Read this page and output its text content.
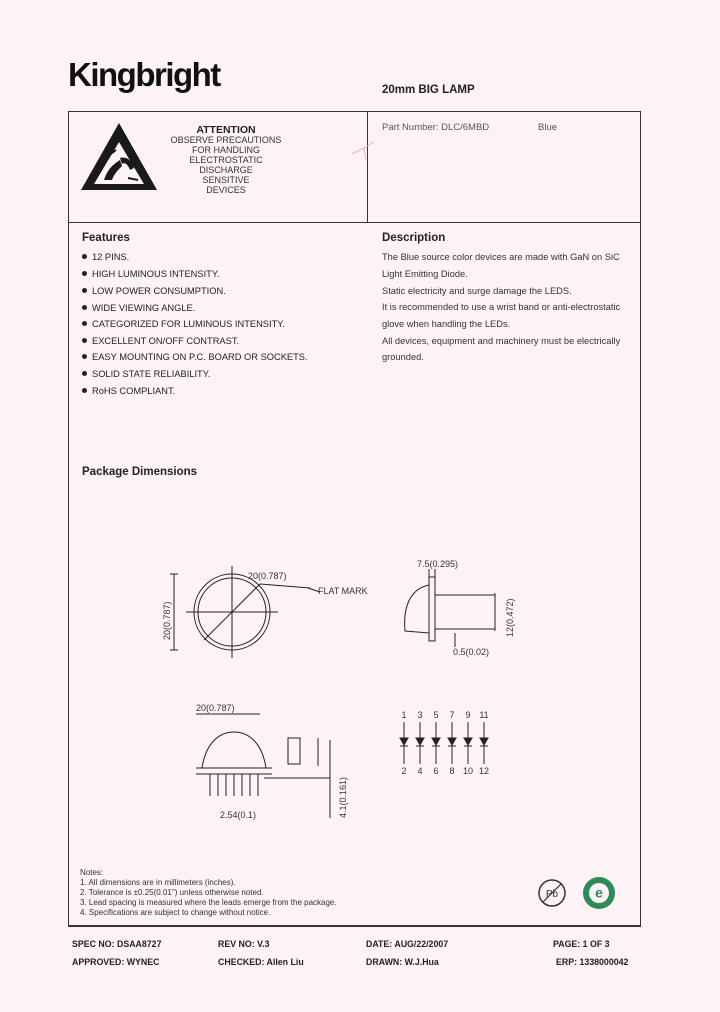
Kingbright	20mm BIG LAMP
ATTENTION
OBSERVE PRECAUTIONS
FOR HANDLING
ELECTROSTATIC
DISCHARGE
SENSITIVE
DEVICES
Part Number: DLC/6MBD	Blue
Features
12 PINS.
HIGH LUMINOUS INTENSITY.
LOW POWER CONSUMPTION.
WIDE VIEWING ANGLE.
CATEGORIZED FOR LUMINOUS INTENSITY.
EXCELLENT ON/OFF CONTRAST.
EASY MOUNTING ON P.C. BOARD OR SOCKETS.
SOLID STATE RELIABILITY.
RoHS COMPLIANT.
Description
The Blue source color devices are made with GaN on SiC
Light Emitting Diode.
Static electricity and surge damage the LEDS.
It is recommended to use a wrist band or anti-electrostatic
glove when handling the LEDs.
All devices, equipment and machinery must be electrically
grounded.
Package Dimensions
20(0.787)
FLAT MARK
20(0.787)
7.5(0.295)
0.5(0.02)
12(0.472)
20(0.787)
2.54(0.1)	4.1(0.161)
1 3 5 7 9 11
2 4 6 8 10 12
Notes:
1. All dimensions are in millimeters (inches).
2. Tolerance is ±0.25(0.01") unless otherwise noted.
3. Lead spacing is measured where the leads emerge from the package.
4. Specifications are subject to change without notice.
Pb	e
SPEC NO: DSAA8727	REV NO: V.3	DATE: AUG/22/2007	PAGE: 1 OF 3
APPROVED: WYNEC	CHECKED: Allen Liu	DRAWN: W.J.Hua	ERP: 1338000042
